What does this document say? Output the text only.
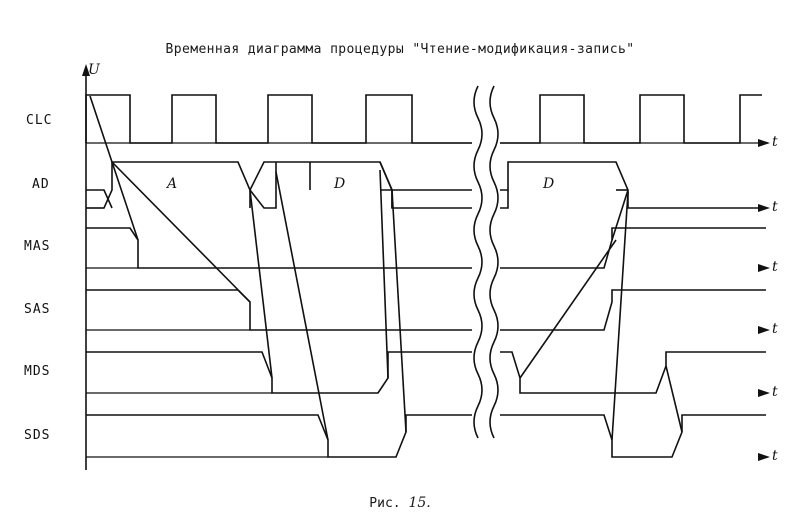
Временная диаграмма процедуры "Чтение-модификация-запись"
CLC
AD
MAS
SAS
MDS
SDS
U
t
t
t
t
t
t
A	D	D
Рис. 15.
